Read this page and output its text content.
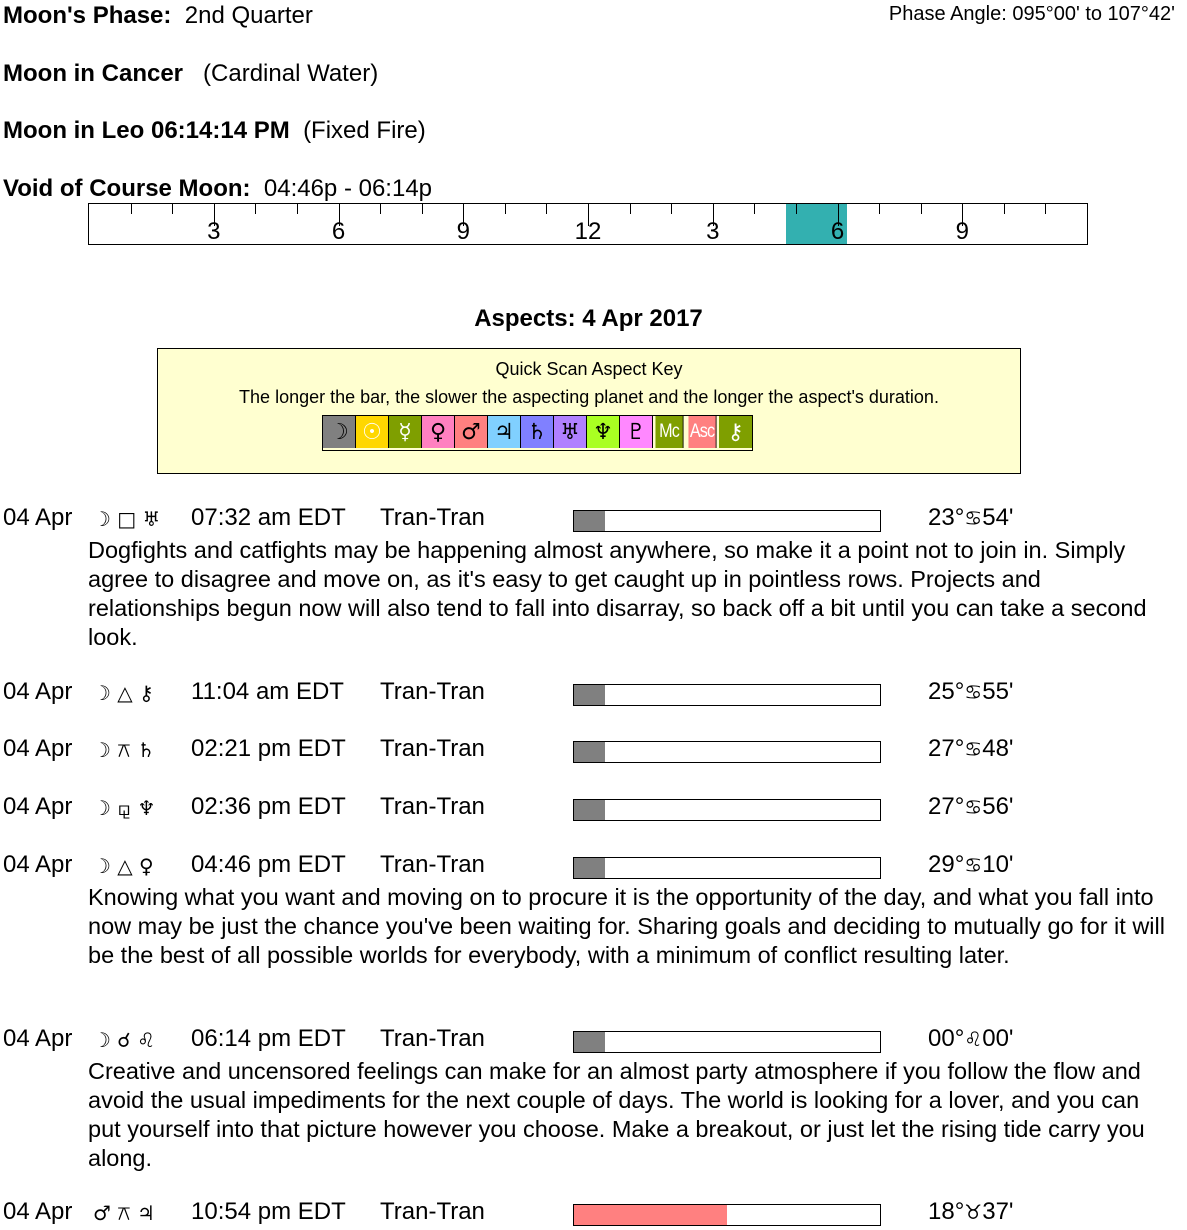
Moon's Phase: 2nd Quarter	Phase Angle: 095°00' to 107°42'
Moon in Cancer (Cardinal Water)
Moon in Leo 06:14:14 PM (Fixed Fire)
Void of Course Moon: 04:46p - 06:14p
3	6	9	12	3	6	9
Aspects: 4 Apr 2017
Quick Scan Aspect Key
The longer the bar, the slower the aspecting planet and the longer the aspect's duration.
☽ ☉ ☿ ♀ ♂ ♃ ♄ ♅ ♆ ♇ Mc Asc ⚷
04 Apr ☽ □ ♅ 07:32 am EDT Tran-Tran	23°♋54'
Dogfights and catfights may be happening almost anywhere, so make it a point not to join in. Simply agree to disagree and move on, as it's easy to get caught up in pointless rows. Projects and relationships begun now will also tend to fall into disarray, so back off a bit until you can take a second look.
04 Apr ☽ △ ⚷ 11:04 am EDT Tran-Tran	25°♋55'
04 Apr ☽ ⚻ ♄ 02:21 pm EDT Tran-Tran	27°♋48'
04 Apr ☽ ⚼ ♆ 02:36 pm EDT Tran-Tran	27°♋56'
04 Apr ☽ △ ♀ 04:46 pm EDT Tran-Tran	29°♋10'
Knowing what you want and moving on to procure it is the opportunity of the day, and what you fall into now may be just the chance you've been waiting for. Sharing goals and deciding to mutually go for it will be the best of all possible worlds for everybody, with a minimum of conflict resulting later.
04 Apr ☽ ☌ ♌ 06:14 pm EDT Tran-Tran	00°♌00'
Creative and uncensored feelings can make for an almost party atmosphere if you follow the flow and avoid the usual impediments for the next couple of days. The world is looking for a lover, and you can put yourself into that picture however you choose. Make a breakout, or just let the rising tide carry you along.
04 Apr ♂ ⚻ ♃ 10:54 pm EDT Tran-Tran	18°♉37'
